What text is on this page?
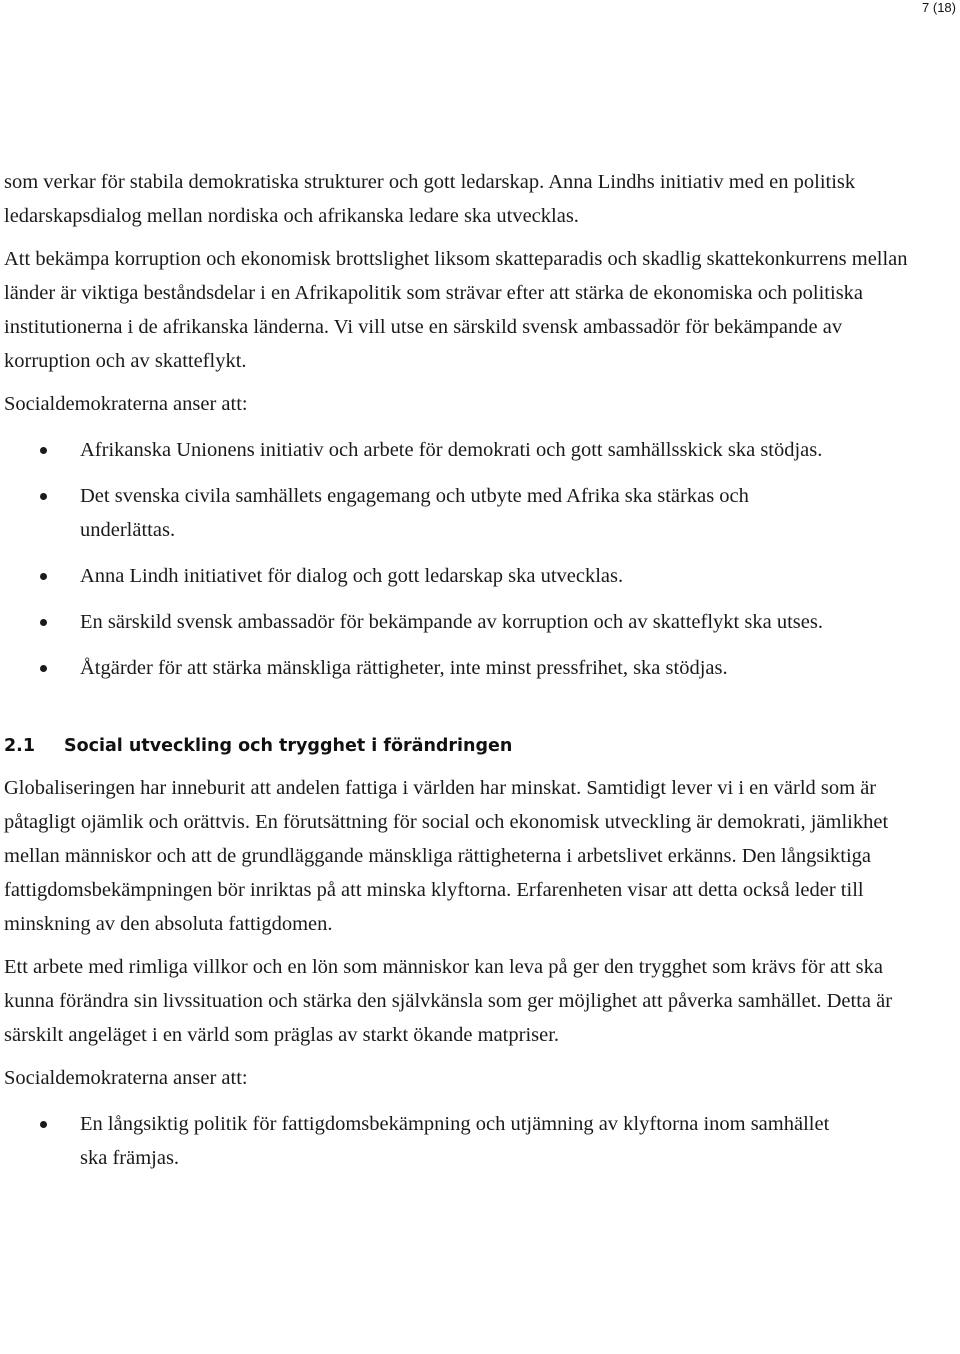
7 (18)

som verkar för stabila demokratiska strukturer och gott ledarskap. Anna Lindhs initiativ med en politisk ledarskapsdialog mellan nordiska och afrikanska ledare ska utvecklas.

Att bekämpa korruption och ekonomisk brottslighet liksom skatteparadis och skadlig skattekonkurrens mellan länder är viktiga beståndsdelar i en Afrikapolitik som strävar efter att stärka de ekonomiska och politiska institutionerna i de afrikanska länderna. Vi vill utse en särskild svensk ambassadör för bekämpande av korruption och av skatteflykt.

Socialdemokraterna anser att:

Afrikanska Unionens initiativ och arbete för demokrati och gott samhällsskick ska stödjas.
Det svenska civila samhällets engagemang och utbyte med Afrika ska stärkas och underlättas.
Anna Lindh initiativet för dialog och gott ledarskap ska utvecklas.
En särskild svensk ambassadör för bekämpande av korruption och av skatteflykt ska utses.
Åtgärder för att stärka mänskliga rättigheter, inte minst pressfrihet, ska stödjas.
2.1 Social utveckling och trygghet i förändringen

Globaliseringen har inneburit att andelen fattiga i världen har minskat. Samtidigt lever vi i en värld som är påtagligt ojämlik och orättvis. En förutsättning för social och ekonomisk utveckling är demokrati, jämlikhet mellan människor och att de grundläggande mänskliga rättigheterna i arbetslivet erkänns. Den långsiktiga fattigdomsbekämpningen bör inriktas på att minska klyftorna. Erfarenheten visar att detta också leder till minskning av den absoluta fattigdomen.

Ett arbete med rimliga villkor och en lön som människor kan leva på ger den trygghet som krävs för att ska kunna förändra sin livssituation och stärka den självkänsla som ger möjlighet att påverka samhället. Detta är särskilt angeläget i en värld som präglas av starkt ökande matpriser.

Socialdemokraterna anser att:

En långsiktig politik för fattigdomsbekämpning och utjämning av klyftorna inom samhället ska främjas.
